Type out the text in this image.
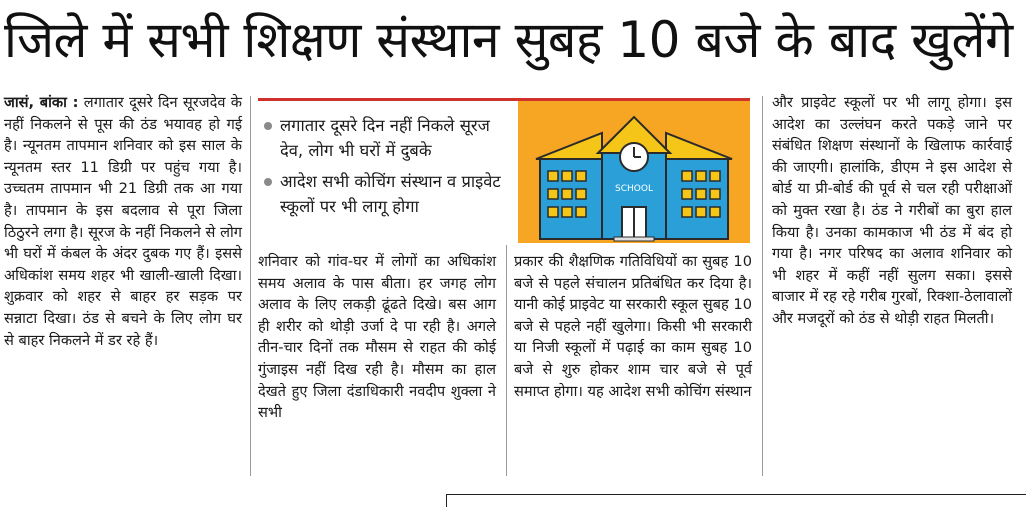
जिले में सभी शिक्षण संस्थान सुबह 10 बजे के बाद खुलेंगे

जासं, बांका : लगातार दूसरे दिन सूरजदेव के नहीं निकलने से पूस की ठंड भयावह हो गई है। न्यूनतम तापमान शनिवार को इस साल के न्यूनतम स्तर 11 डिग्री पर पहुंच गया है। उच्चतम तापमान भी 21 डिग्री तक आ गया है। तापमान के इस बदलाव से पूरा जिला ठिठुरने लगा है। सूरज के नहीं निकलने से लोग भी घरों में कंबल के अंदर दुबक गए हैं। इससे अधिकांश समय शहर भी खाली-खाली दिखा। शुक्रवार को शहर से बाहर हर सड़क पर सन्नाटा दिखा। ठंड से बचने के लिए लोग घर से बाहर निकलने में डर रहे हैं।

लगातार दूसरे दिन नहीं निकले सूरज देव, लोग भी घरों में दुबके
आदेश सभी कोचिंग संस्थान व प्राइवेट स्कूलों पर भी लागू होगा
SCHOOL

शनिवार को गांव-घर में लोगों का अधिकांश समय अलाव के पास बीता। हर जगह लोग अलाव के लिए लकड़ी ढूंढते दिखे। बस आग ही शरीर को थोड़ी उर्जा दे पा रही है। अगले तीन-चार दिनों तक मौसम से राहत की कोई गुंजाइस नहीं दिख रही है। मौसम का हाल देखते हुए जिला दंडाधिकारी नवदीप शुक्ला ने सभी

प्रकार की शैक्षणिक गतिविधियों का सुबह 10 बजे से पहले संचालन प्रतिबंधित कर दिया है। यानी कोई प्राइवेट या सरकारी स्कूल सुबह 10 बजे से पहले नहीं खुलेगा। किसी भी सरकारी या निजी स्कूलों में पढ़ाई का काम सुबह 10 बजे से शुरु होकर शाम चार बजे से पूर्व समाप्त होगा। यह आदेश सभी कोचिंग संस्थान

और प्राइवेट स्कूलों पर भी लागू होगा। इस आदेश का उल्लंघन करते पकड़े जाने पर संबंधित शिक्षण संस्थानों के खिलाफ कार्रवाई की जाएगी। हालांकि, डीएम ने इस आदेश से बोर्ड या प्री-बोर्ड की पूर्व से चल रही परीक्षाओं को मुक्त रखा है। ठंड ने गरीबों का बुरा हाल किया है। उनका कामकाज भी ठंड में बंद हो गया है। नगर परिषद का अलाव शनिवार को भी शहर में कहीं नहीं सुलग सका। इससे बाजार में रह रहे गरीब गुरबों, रिक्शा-ठेलावालों और मजदूरों को ठंड से थोड़ी राहत मिलती।
